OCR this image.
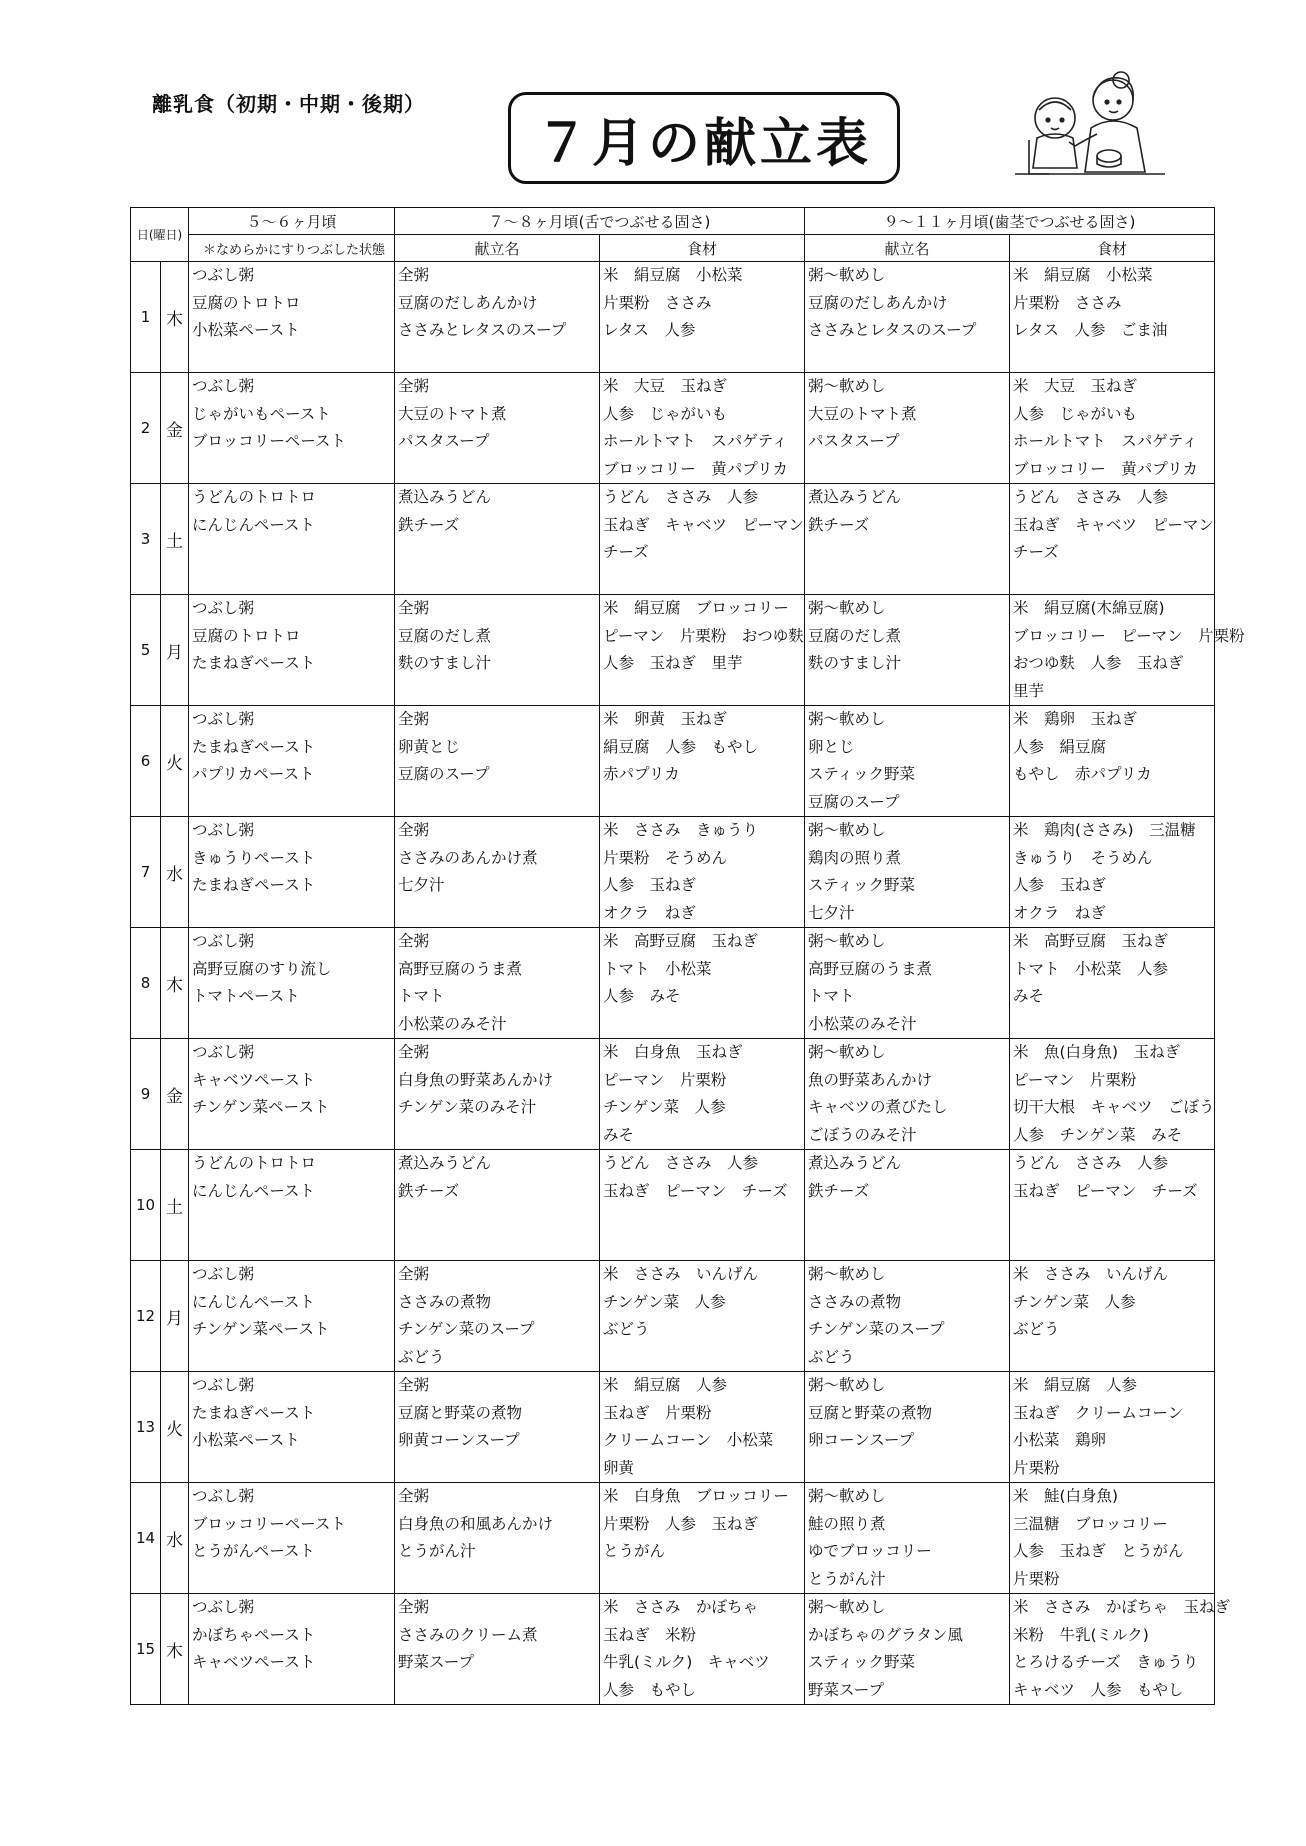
離乳食（初期・中期・後期）
７月の献立表
日(曜日)		５～６ヶ月頃	７～８ヶ月頃(舌でつぶせる固さ)		９～１１ヶ月頃(歯茎でつぶせる固さ)	
		＊なめらかにすりつぶした状態	献立名	食材	献立名	食材
1	木	つぶし粥
豆腐のトロトロ
小松菜ペースト	全粥
豆腐のだしあんかけ
ささみとレタスのスープ	米　絹豆腐　小松菜
片栗粉　ささみ
レタス　人参	粥～軟めし
豆腐のだしあんかけ
ささみとレタスのスープ	米　絹豆腐　小松菜
片栗粉　ささみ
レタス　人参　ごま油

2	金	つぶし粥
じゃがいもペースト
ブロッコリーペースト	全粥
大豆のトマト煮
パスタスープ	米　大豆　玉ねぎ
人参　じゃがいも
ホールトマト　スパゲティ
ブロッコリー　黄パプリカ	粥～軟めし
大豆のトマト煮
パスタスープ	米　大豆　玉ねぎ
人参　じゃがいも
ホールトマト　スパゲティ
ブロッコリー　黄パプリカ

3	土	うどんのトロトロ
にんじんペースト	煮込みうどん
鉄チーズ	うどん　ささみ　人参
玉ねぎ　キャベツ　ピーマン
チーズ	煮込みうどん
鉄チーズ	うどん　ささみ　人参
玉ねぎ　キャベツ　ピーマン
チーズ

5	月	つぶし粥
豆腐のトロトロ
たまねぎペースト	全粥
豆腐のだし煮
麩のすまし汁	米　絹豆腐　ブロッコリー
ピーマン　片栗粉　おつゆ麩
人参　玉ねぎ　里芋	粥～軟めし
豆腐のだし煮
麩のすまし汁	米　絹豆腐(木綿豆腐)
ブロッコリー　ピーマン　片栗粉
おつゆ麩　人参　玉ねぎ
里芋

6	火	つぶし粥
たまねぎペースト
パプリカペースト	全粥
卵黄とじ
豆腐のスープ	米　卵黄　玉ねぎ
絹豆腐　人参　もやし
赤パプリカ	粥～軟めし
卵とじ
スティック野菜
豆腐のスープ	米　鶏卵　玉ねぎ
人参　絹豆腐
もやし　赤パプリカ

7	水	つぶし粥
きゅうりペースト
たまねぎペースト	全粥
ささみのあんかけ煮
七夕汁	米　ささみ　きゅうり
片栗粉　そうめん
人参　玉ねぎ
オクラ　ねぎ	粥～軟めし
鶏肉の照り煮
スティック野菜
七夕汁	米　鶏肉(ささみ)　三温糖
きゅうり　そうめん
人参　玉ねぎ
オクラ　ねぎ

8	木	つぶし粥
高野豆腐のすり流し
トマトペースト	全粥
高野豆腐のうま煮
トマト
小松菜のみそ汁	米　高野豆腐　玉ねぎ
トマト　小松菜
人参　みそ	粥～軟めし
高野豆腐のうま煮
トマト
小松菜のみそ汁	米　高野豆腐　玉ねぎ
トマト　小松菜　人参
みそ

9	金	つぶし粥
キャベツペースト
チンゲン菜ペースト	全粥
白身魚の野菜あんかけ
チンゲン菜のみそ汁	米　白身魚　玉ねぎ
ピーマン　片栗粉
チンゲン菜　人参
みそ	粥～軟めし
魚の野菜あんかけ
キャベツの煮びたし
ごぼうのみそ汁	米　魚(白身魚)　玉ねぎ
ピーマン　片栗粉
切干大根　キャベツ　ごぼう
人参　チンゲン菜　みそ

10	土	うどんのトロトロ
にんじんペースト	煮込みうどん
鉄チーズ	うどん　ささみ　人参
玉ねぎ　ピーマン　チーズ	煮込みうどん
鉄チーズ	うどん　ささみ　人参
玉ねぎ　ピーマン　チーズ

12	月	つぶし粥
にんじんペースト
チンゲン菜ペースト	全粥
ささみの煮物
チンゲン菜のスープ
ぶどう	米　ささみ　いんげん
チンゲン菜　人参
ぶどう	粥～軟めし
ささみの煮物
チンゲン菜のスープ
ぶどう	米　ささみ　いんげん
チンゲン菜　人参
ぶどう

13	火	つぶし粥
たまねぎペースト
小松菜ペースト	全粥
豆腐と野菜の煮物
卵黄コーンスープ	米　絹豆腐　人参
玉ねぎ　片栗粉
クリームコーン　小松菜
卵黄	粥～軟めし
豆腐と野菜の煮物
卵コーンスープ	米　絹豆腐　人参
玉ねぎ　クリームコーン
小松菜　鶏卵
片栗粉

14	水	つぶし粥
ブロッコリーペースト
とうがんペースト	全粥
白身魚の和風あんかけ
とうがん汁	米　白身魚　ブロッコリー
片栗粉　人参　玉ねぎ
とうがん	粥～軟めし
鮭の照り煮
ゆでブロッコリー
とうがん汁	米　鮭(白身魚)
三温糖　ブロッコリー
人参　玉ねぎ　とうがん
片栗粉

15	木	つぶし粥
かぼちゃペースト
キャベツペースト	全粥
ささみのクリーム煮
野菜スープ	米　ささみ　かぼちゃ
玉ねぎ　米粉
牛乳(ミルク)　キャベツ
人参　もやし	粥～軟めし
かぼちゃのグラタン風
スティック野菜
野菜スープ	米　ささみ　かぼちゃ　玉ねぎ
米粉　牛乳(ミルク)
とろけるチーズ　きゅうり
キャベツ　人参　もやし
